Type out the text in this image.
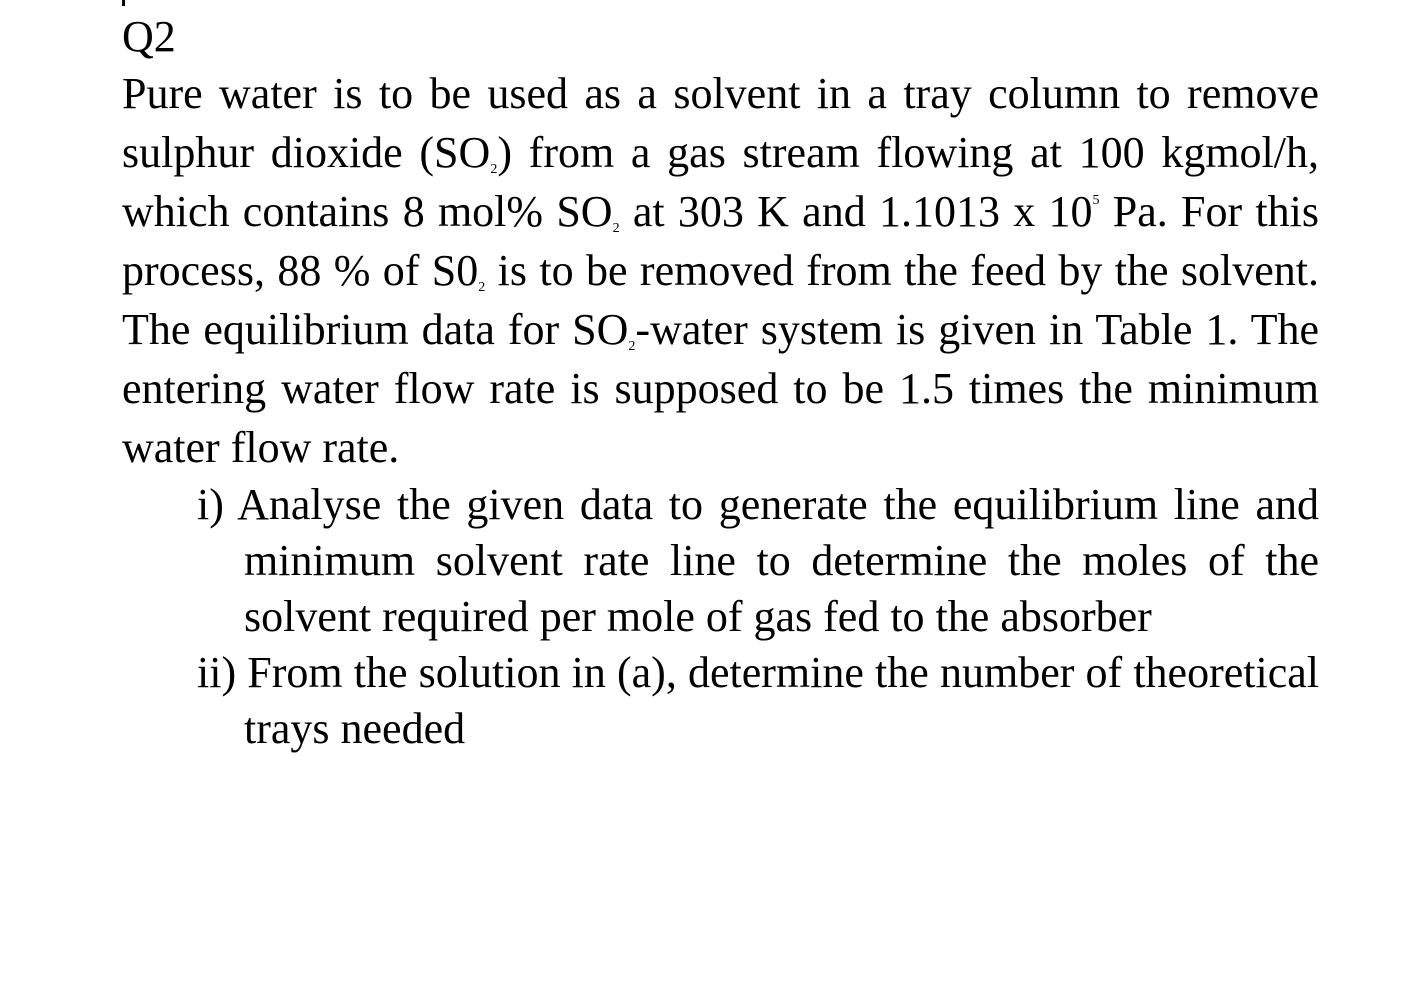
Q2

Pure water is to be used as a solvent in a tray column to remove sulphur dioxide $(SO_2)$ from a gas stream flowing at 100 kgmol/h, which contains 8 mol% $SO_2$ at 303 K and 1.1013 x $10^5$ Pa. For this process, 88 % of $S0_2$ is to be removed from the feed by the solvent. The equilibrium data for $SO_2$-water system is given in Table 1. The entering water flow rate is supposed to be 1.5 times the minimum water flow rate.

i) Analyse the given data to generate the equilibrium line and minimum solvent rate line to determine the moles of the solvent required per mole of gas fed to the absorber
ii) From the solution in (a), determine the number of theoretical trays needed
